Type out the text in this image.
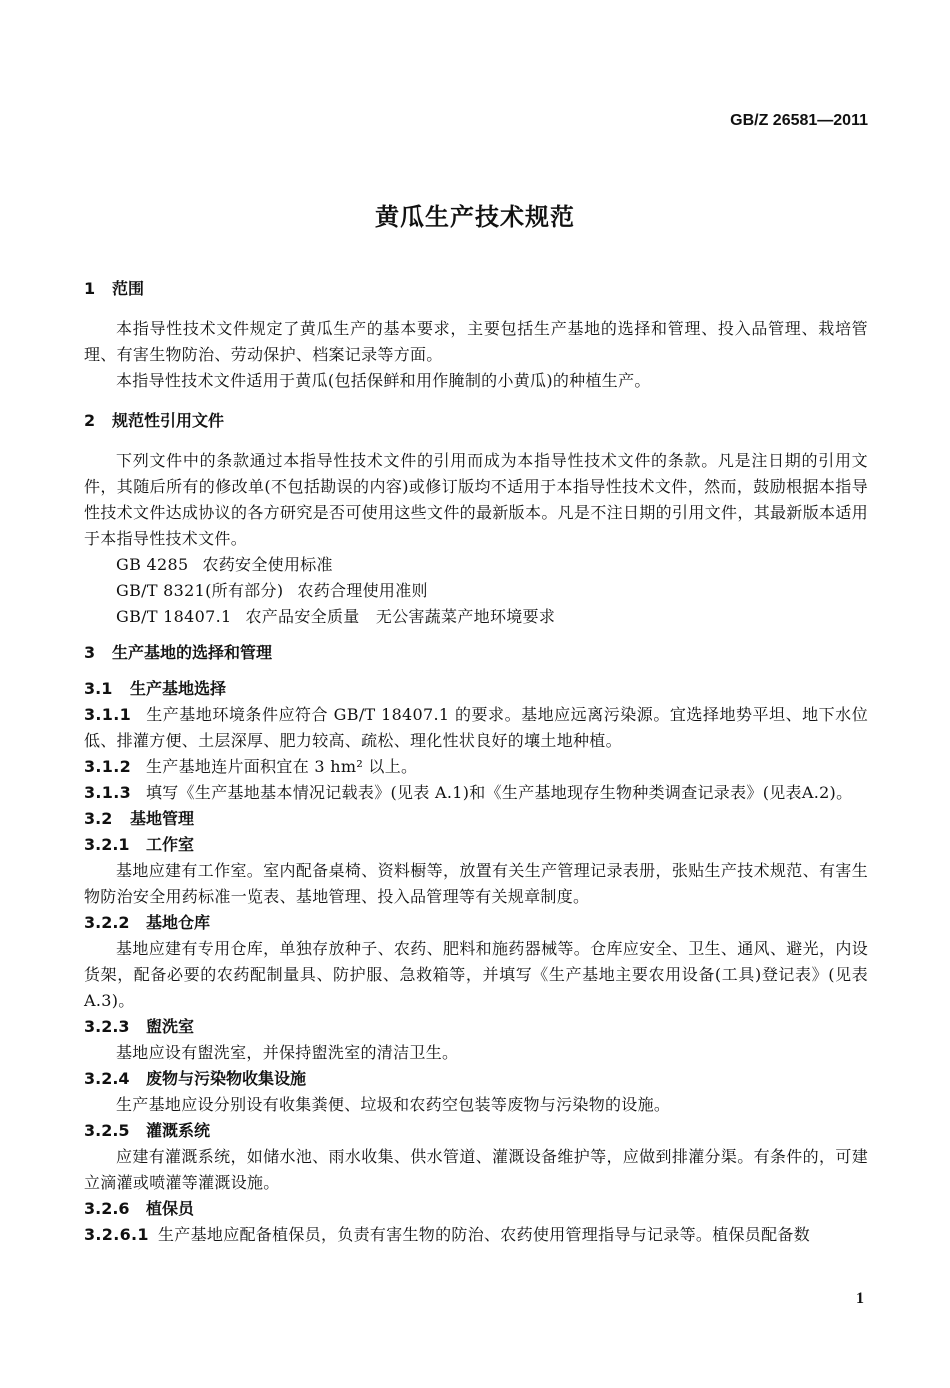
GB/Z 26581—2011
黄瓜生产技术规范
1 范围
本指导性技术文件规定了黄瓜生产的基本要求，主要包括生产基地的选择和管理、投入品管理、栽培管理、有害生物防治、劳动保护、档案记录等方面。
本指导性技术文件适用于黄瓜(包括保鲜和用作腌制的小黄瓜)的种植生产。
2 规范性引用文件
下列文件中的条款通过本指导性技术文件的引用而成为本指导性技术文件的条款。凡是注日期的引用文件，其随后所有的修改单(不包括勘误的内容)或修订版均不适用于本指导性技术文件，然而，鼓励根据本指导性技术文件达成协议的各方研究是否可使用这些文件的最新版本。凡是不注日期的引用文件，其最新版本适用于本指导性技术文件。
GB 4285 农药安全使用标准
GB/T 8321(所有部分) 农药合理使用准则
GB/T 18407.1 农产品安全质量　无公害蔬菜产地环境要求
3 生产基地的选择和管理
3.1 生产基地选择
3.1.1 生产基地环境条件应符合 GB/T 18407.1 的要求。基地应远离污染源。宜选择地势平坦、地下水位低、排灌方便、土层深厚、肥力较高、疏松、理化性状良好的壤土地种植。
3.1.2 生产基地连片面积宜在 3 hm² 以上。
3.1.3 填写《生产基地基本情况记载表》(见表 A.1)和《生产基地现存生物种类调查记录表》(见表A.2)。
3.2 基地管理
3.2.1 工作室
基地应建有工作室。室内配备桌椅、资料橱等，放置有关生产管理记录表册，张贴生产技术规范、有害生物防治安全用药标准一览表、基地管理、投入品管理等有关规章制度。
3.2.2 基地仓库
基地应建有专用仓库，单独存放种子、农药、肥料和施药器械等。仓库应安全、卫生、通风、避光，内设货架，配备必要的农药配制量具、防护服、急救箱等，并填写《生产基地主要农用设备(工具)登记表》(见表 A.3)。
3.2.3 盥洗室
基地应设有盥洗室，并保持盥洗室的清洁卫生。
3.2.4 废物与污染物收集设施
生产基地应设分别设有收集粪便、垃圾和农药空包装等废物与污染物的设施。
3.2.5 灌溉系统
应建有灌溉系统，如储水池、雨水收集、供水管道、灌溉设备维护等，应做到排灌分渠。有条件的，可建立滴灌或喷灌等灌溉设施。
3.2.6 植保员
3.2.6.1 生产基地应配备植保员，负责有害生物的防治、农药使用管理指导与记录等。植保员配备数
1
